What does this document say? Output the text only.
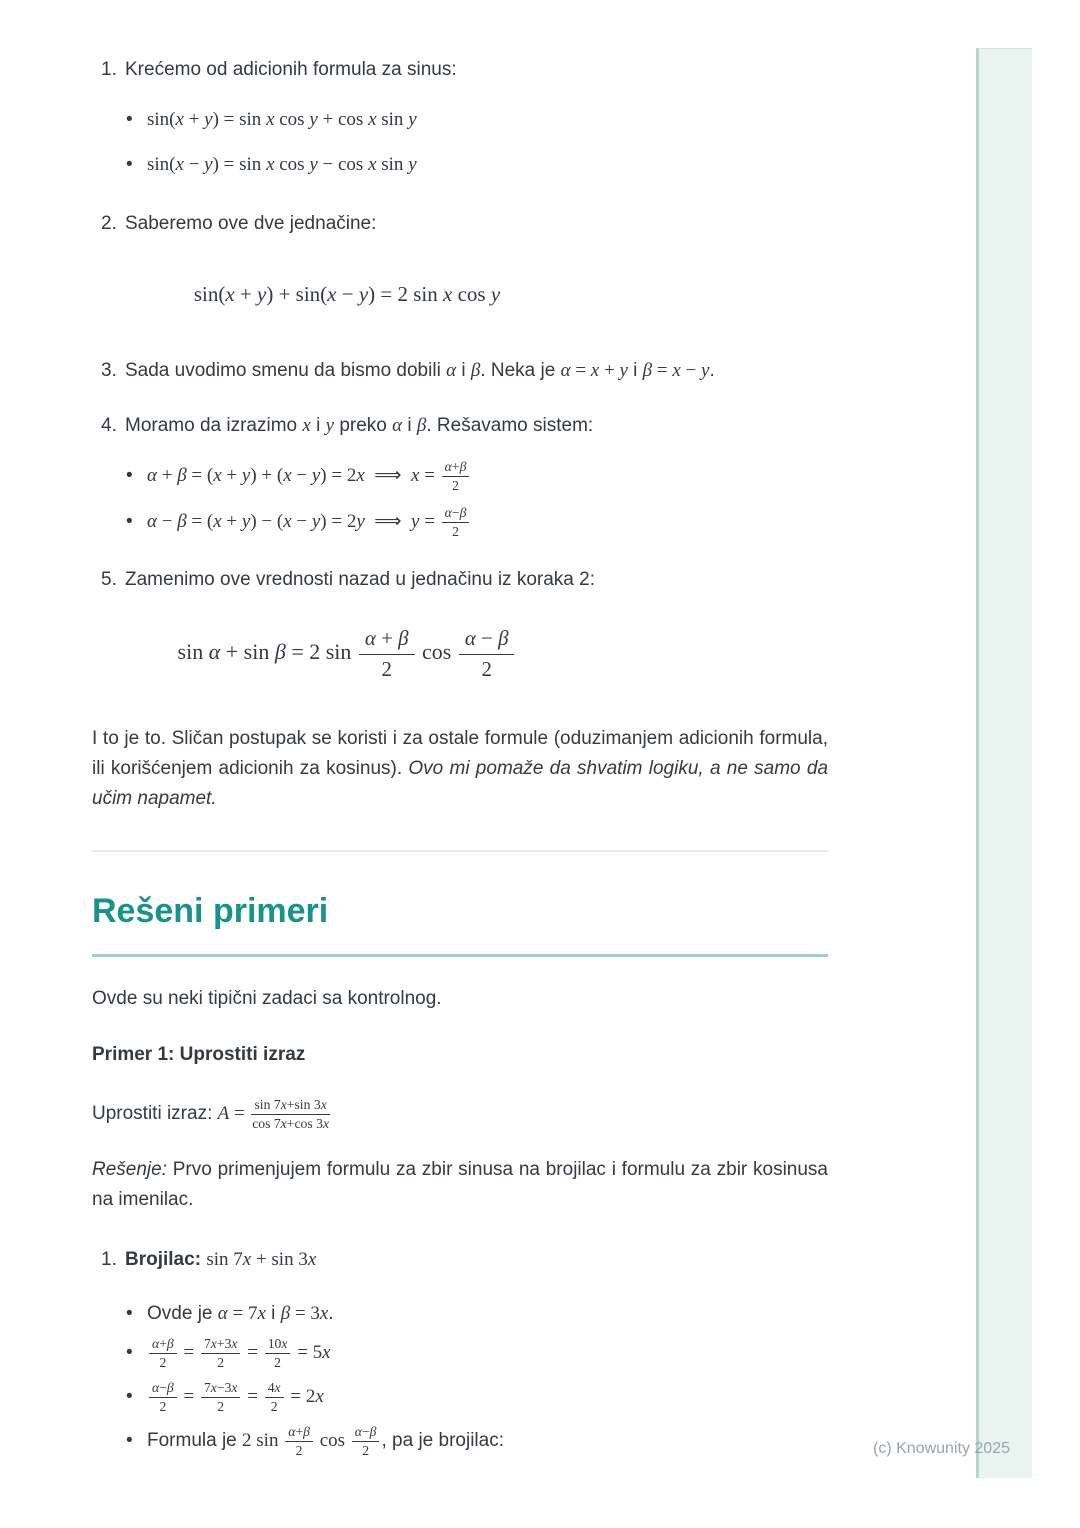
1. Krećemo od adicionih formula za sinus:
• sin(x + y) = sin x cos y + cos x sin y
• sin(x − y) = sin x cos y − cos x sin y
2. Saberemo ove dve jednačine:
sin(x + y) + sin(x − y) = 2 sin x cos y
3. Sada uvodimo smenu da bismo dobili α i β. Neka je α = x + y i β = x − y.
4. Moramo da izrazimo x i y preko α i β. Rešavamo sistem:
• α + β = (x + y) + (x − y) = 2x ⟹ $x = \frac{\alpha+\beta}{2}$
• α − β = (x + y) − (x − y) = 2y ⟹ $y = \frac{\alpha-\beta}{2}$
5. Zamenimo ove vrednosti nazad u jednačinu iz koraka 2:
sin α + sin β = 2 $\sin \frac{\alpha + \beta}{2}$ $\cos \frac{\alpha - \beta}{2}$

I to je to. Sličan postupak se koristi i za ostale formule (oduzimanjem adicionih formula, ili korišćenjem adicionih za kosinus). Ovo mi pomaže da shvatim logiku, a ne samo da učim napamet.

Rešeni primeri

Ovde su neki tipični zadaci sa kontrolnog.

Primer 1: Uprostiti izraz

Uprostiti izraz: $A = \frac{\sin 7x+\sin 3x}{\cos 7x+\cos 3x}$

Rešenje: Prvo primenjujem formulu za zbir sinusa na brojilac i formulu za zbir kosinusa na imenilac.

1. Brojilac: sin 7x + sin 3x
• Ovde je α = 7x i β = 3x.
• $\frac{\alpha+\beta}{2} = \frac{7x+3x}{2} = \frac{10x}{2} = 5x$
• $\frac{\alpha-\beta}{2} = \frac{7x-3x}{2} = \frac{4x}{2} = 2x$
• Formula je 2 $\sin \frac{\alpha+\beta}{2}$ $\cos \frac{\alpha-\beta}{2}$ , pa je brojilac:	(c) Knowunity 2025
